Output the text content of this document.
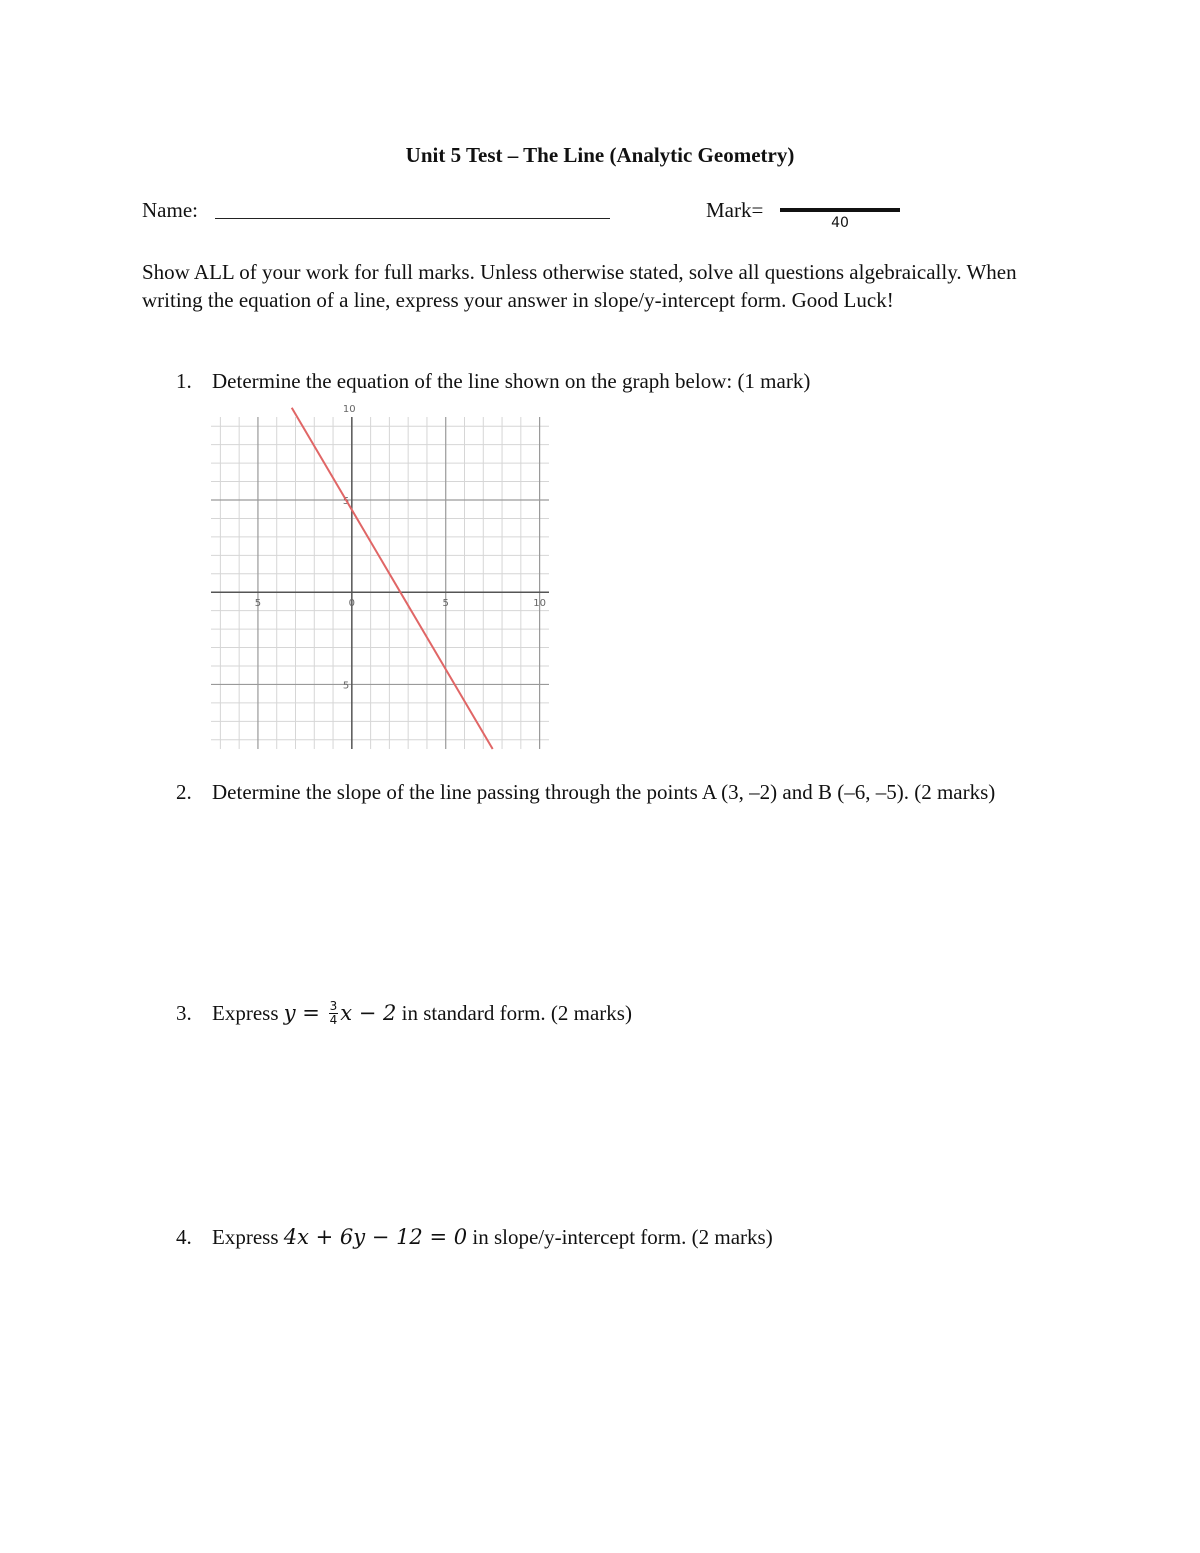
Unit 5 Test – The Line (Analytic Geometry)
Name:	Mark=
40

Show ALL of your work for full marks. Unless otherwise stated, solve all questions algebraically. When writing the equation of a line, express your answer in slope/y-intercept form. Good Luck!

1. Determine the equation of the line shown on the graph below: (1 mark)
5	0	5	10
10
5
5
2. Determine the slope of the line passing through the points A (3, –2) and B (–6, –5). (2 marks)
3. Express $y = \frac{3}{4}$ x − 2 in standard form. (2 marks)
4. Express 4x + 6y − 12 = 0 in slope/y-intercept form. (2 marks)
